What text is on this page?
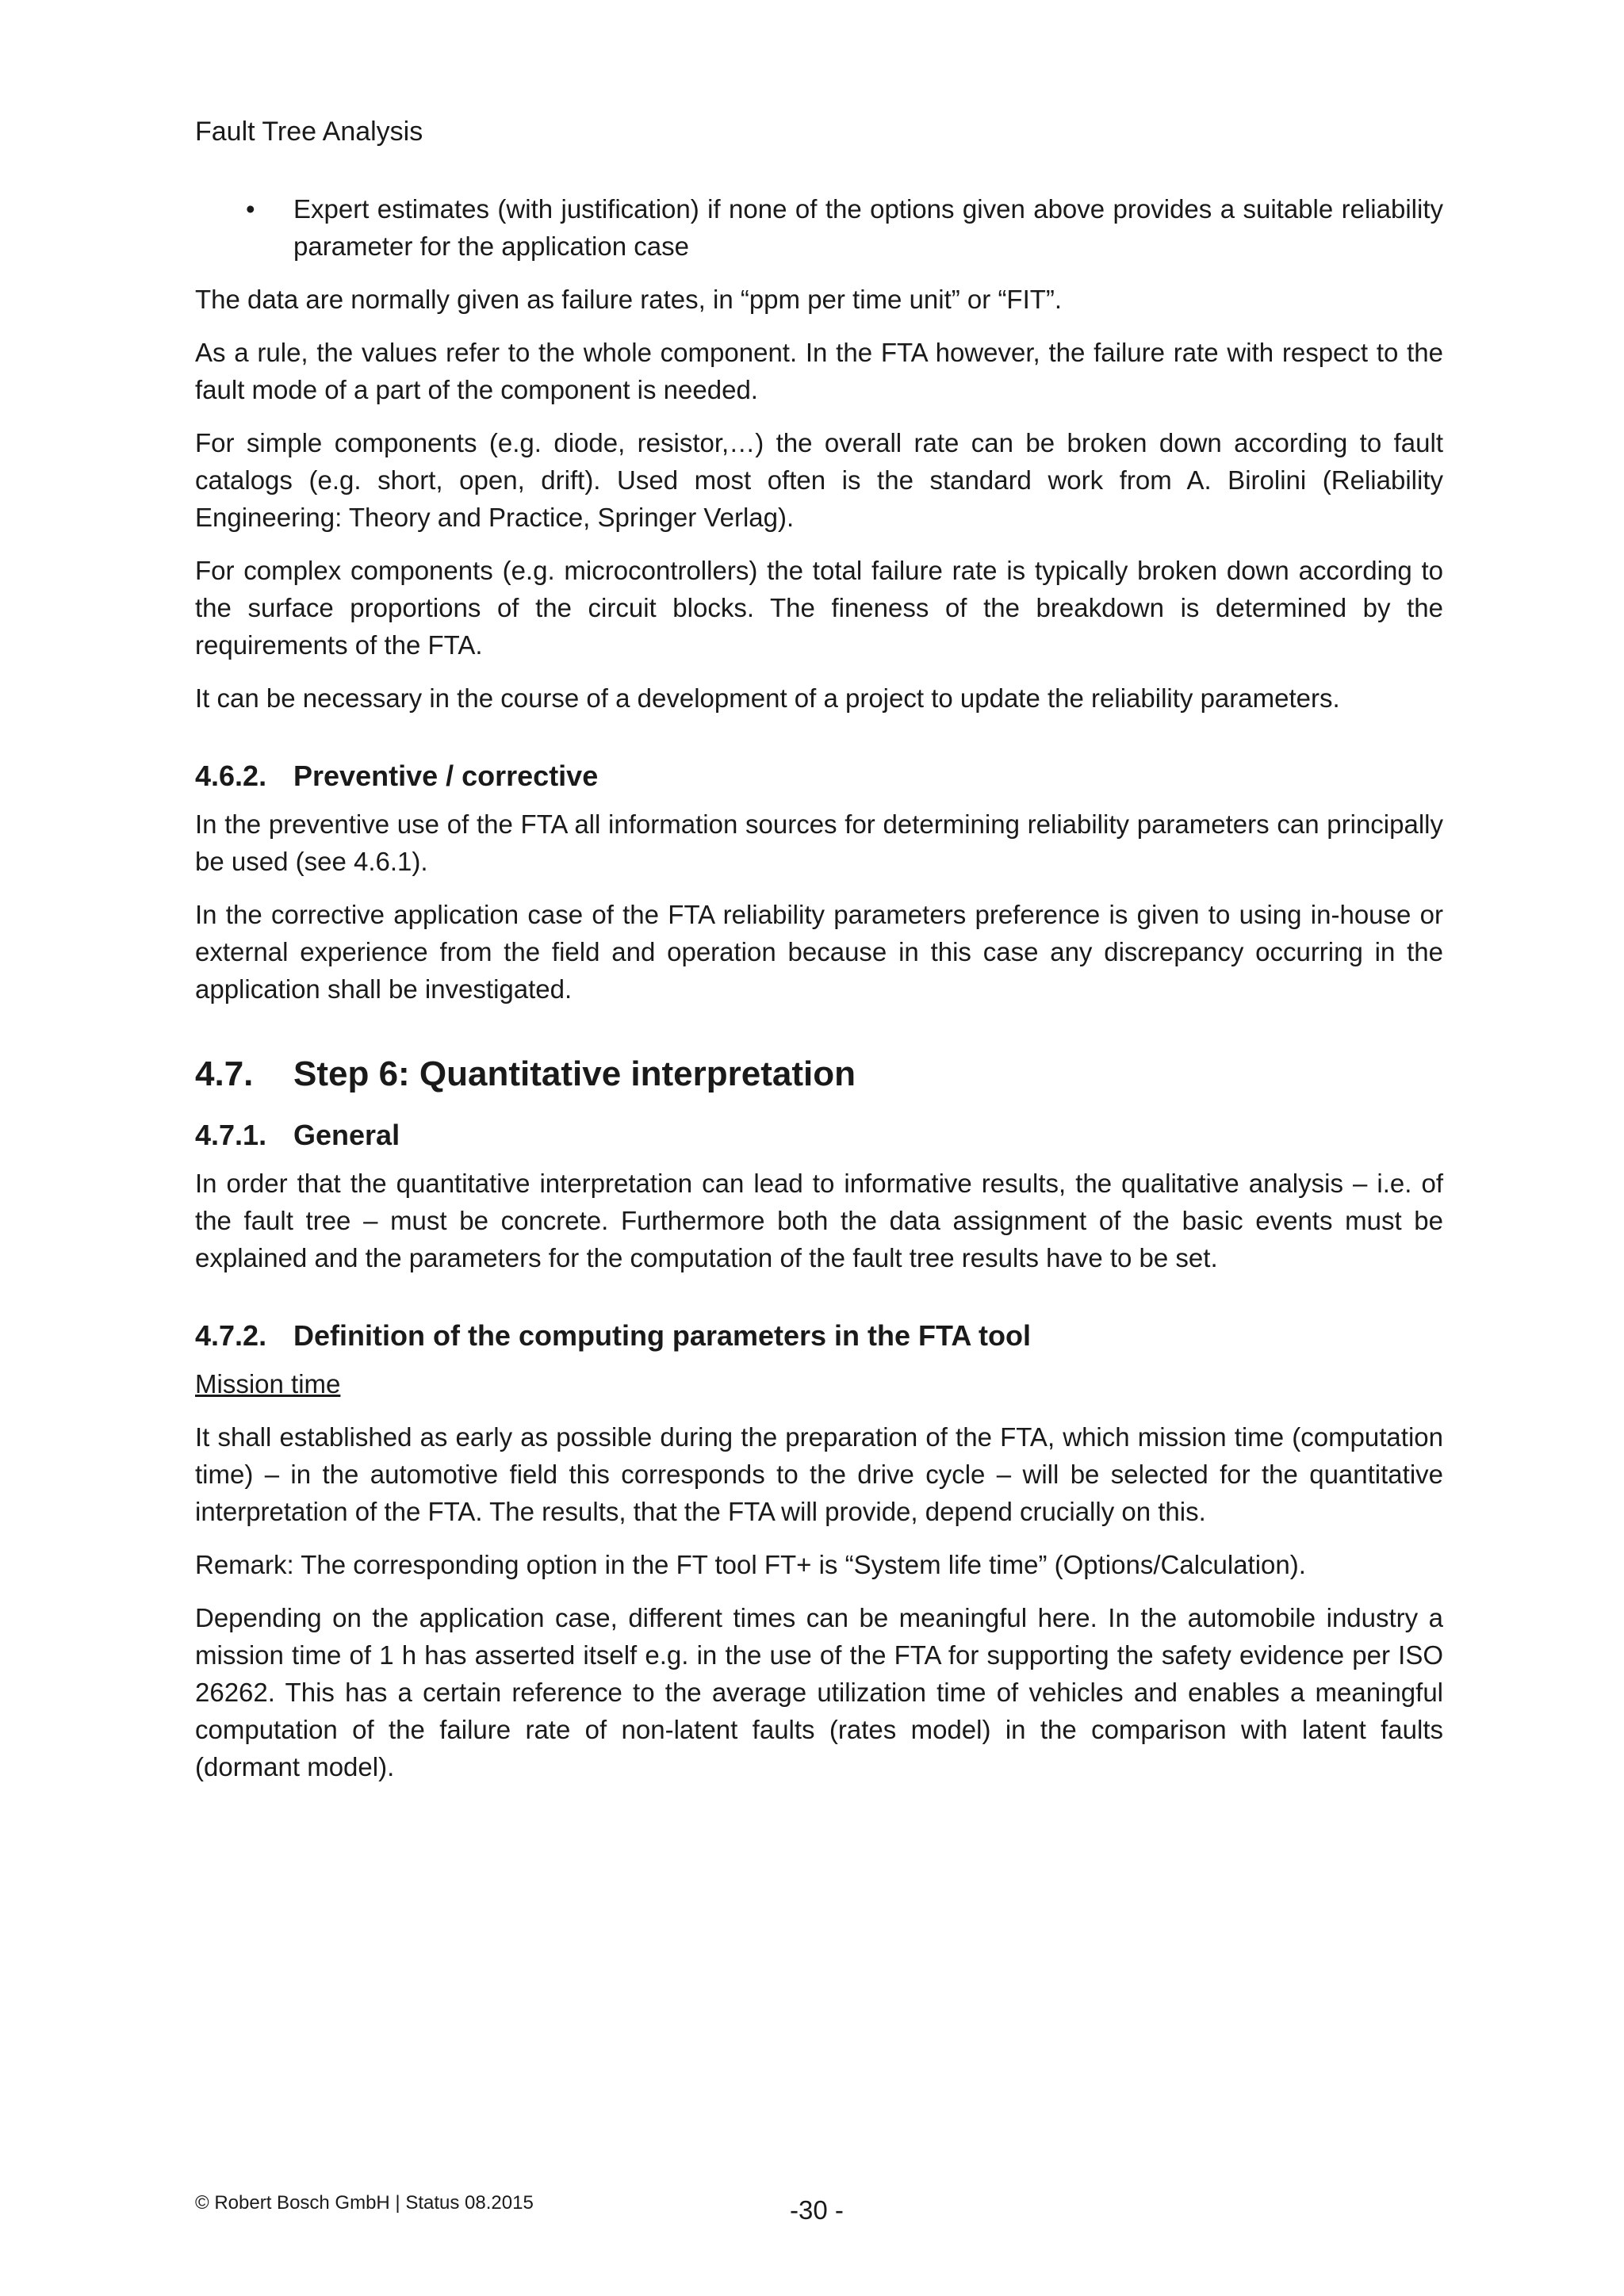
Fault Tree Analysis
• Expert estimates (with justification) if none of the options given above provides a suitable reliability parameter for the application case

The data are normally given as failure rates, in “ppm per time unit” or “FIT”.

As a rule, the values refer to the whole component. In the FTA however, the failure rate with respect to the fault mode of a part of the component is needed.

For simple components (e.g. diode, resistor,…) the overall rate can be broken down according to fault catalogs (e.g. short, open, drift). Used most often is the standard work from A. Birolini (Reliability Engineering: Theory and Practice, Springer Verlag).

For complex components (e.g. microcontrollers) the total failure rate is typically broken down according to the surface proportions of the circuit blocks. The fineness of the breakdown is determined by the requirements of the FTA.

It can be necessary in the course of a development of a project to update the reliability parameters.

4.6.2. Preventive / corrective

In the preventive use of the FTA all information sources for determining reliability parameters can principally be used (see 4.6.1).

In the corrective application case of the FTA reliability parameters preference is given to using in-house or external experience from the field and operation because in this case any discrepancy occurring in the application shall be investigated.

4.7. Step 6: Quantitative interpretation
4.7.1. General

In order that the quantitative interpretation can lead to informative results, the qualitative analysis – i.e. of the fault tree – must be concrete. Furthermore both the data assignment of the basic events must be explained and the parameters for the computation of the fault tree results have to be set.

4.7.2. Definition of the computing parameters in the FTA tool

Mission time

It shall established as early as possible during the preparation of the FTA, which mission time (computation time) – in the automotive field this corresponds to the drive cycle – will be selected for the quantitative interpretation of the FTA. The results, that the FTA will provide, depend crucially on this.

Remark: The corresponding option in the FT tool FT+ is “System life time” (Options/Calculation).

Depending on the application case, different times can be meaningful here. In the automobile industry a mission time of 1 h has asserted itself e.g. in the use of the FTA for supporting the safety evidence per ISO 26262. This has a certain reference to the average utilization time of vehicles and enables a meaningful computation of the failure rate of non-latent faults (rates model) in the comparison with latent faults (dormant model).

© Robert Bosch GmbH | Status 08.2015	-30 -
